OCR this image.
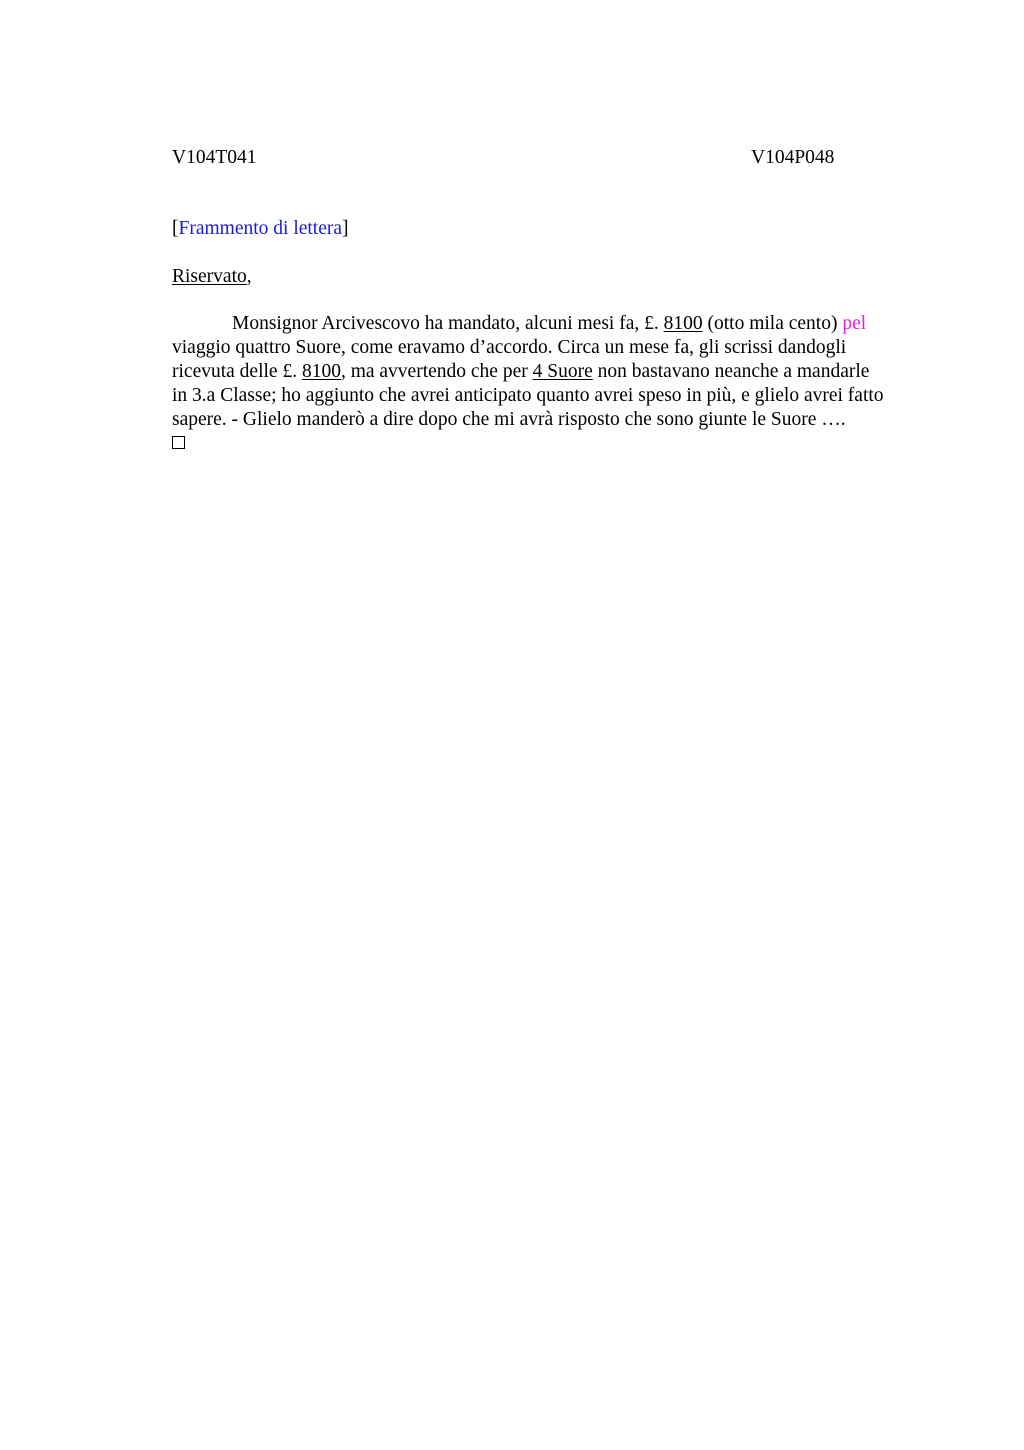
V104T041	V104P048
[Frammento di lettera]
Riservato,
Monsignor Arcivescovo ha mandato, alcuni mesi fa, £. 8100 (otto mila cento) pel
viaggio quattro Suore, come eravamo d’accordo. Circa un mese fa, gli scrissi dandogli
ricevuta delle £. 8100, ma avvertendo che per 4 Suore non bastavano neanche a mandarle
in 3.a Classe; ho aggiunto che avrei anticipato quanto avrei speso in più, e glielo avrei fatto
sapere. - Glielo manderò a dire dopo che mi avrà risposto che sono giunte le Suore ….
